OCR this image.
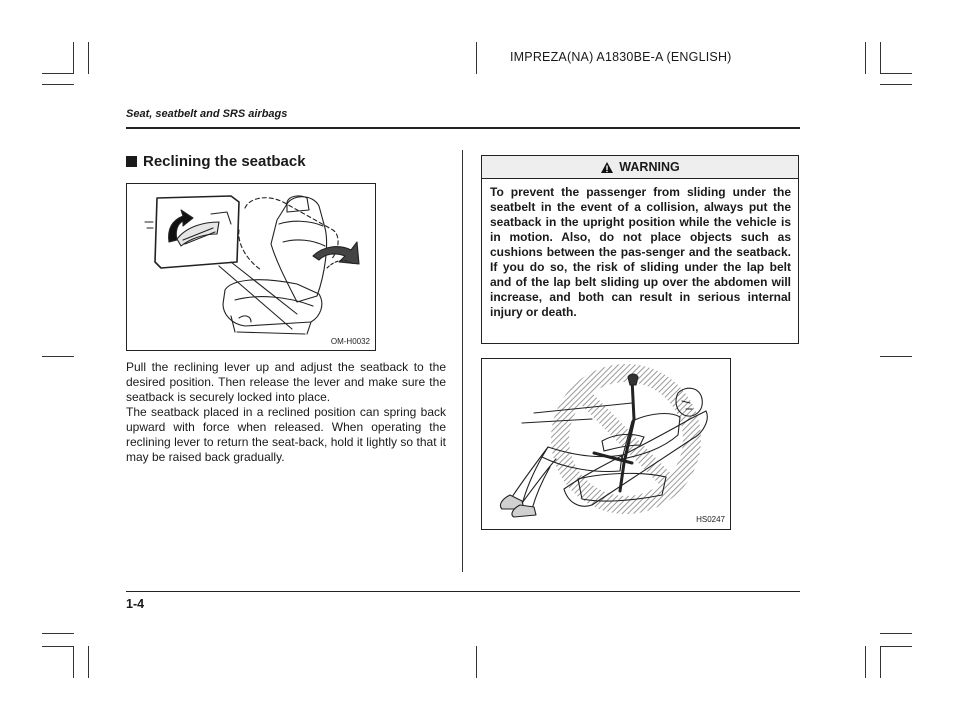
IMPREZA(NA) A1830BE-A (ENGLISH)
Seat, seatbelt and SRS airbags
Reclining the seatback
OM-H0032

Pull the reclining lever up and adjust the seatback to the desired position. Then release the lever and make sure the seatback is securely locked into place.

The seatback placed in a reclined position can spring back upward with force when released. When operating the reclining lever to return the seat-back, hold it lightly so that it may be raised back gradually.

WARNING
To prevent the passenger from sliding under the seatbelt in the event of a collision, always put the seatback in the upright position while the vehicle is in motion. Also, do not place objects such as cushions between the pas-senger and the seatback. If you do so, the risk of sliding under the lap belt and of the lap belt sliding up over the abdomen will increase, and both can result in serious internal injury or death.
HS0247
1-4
